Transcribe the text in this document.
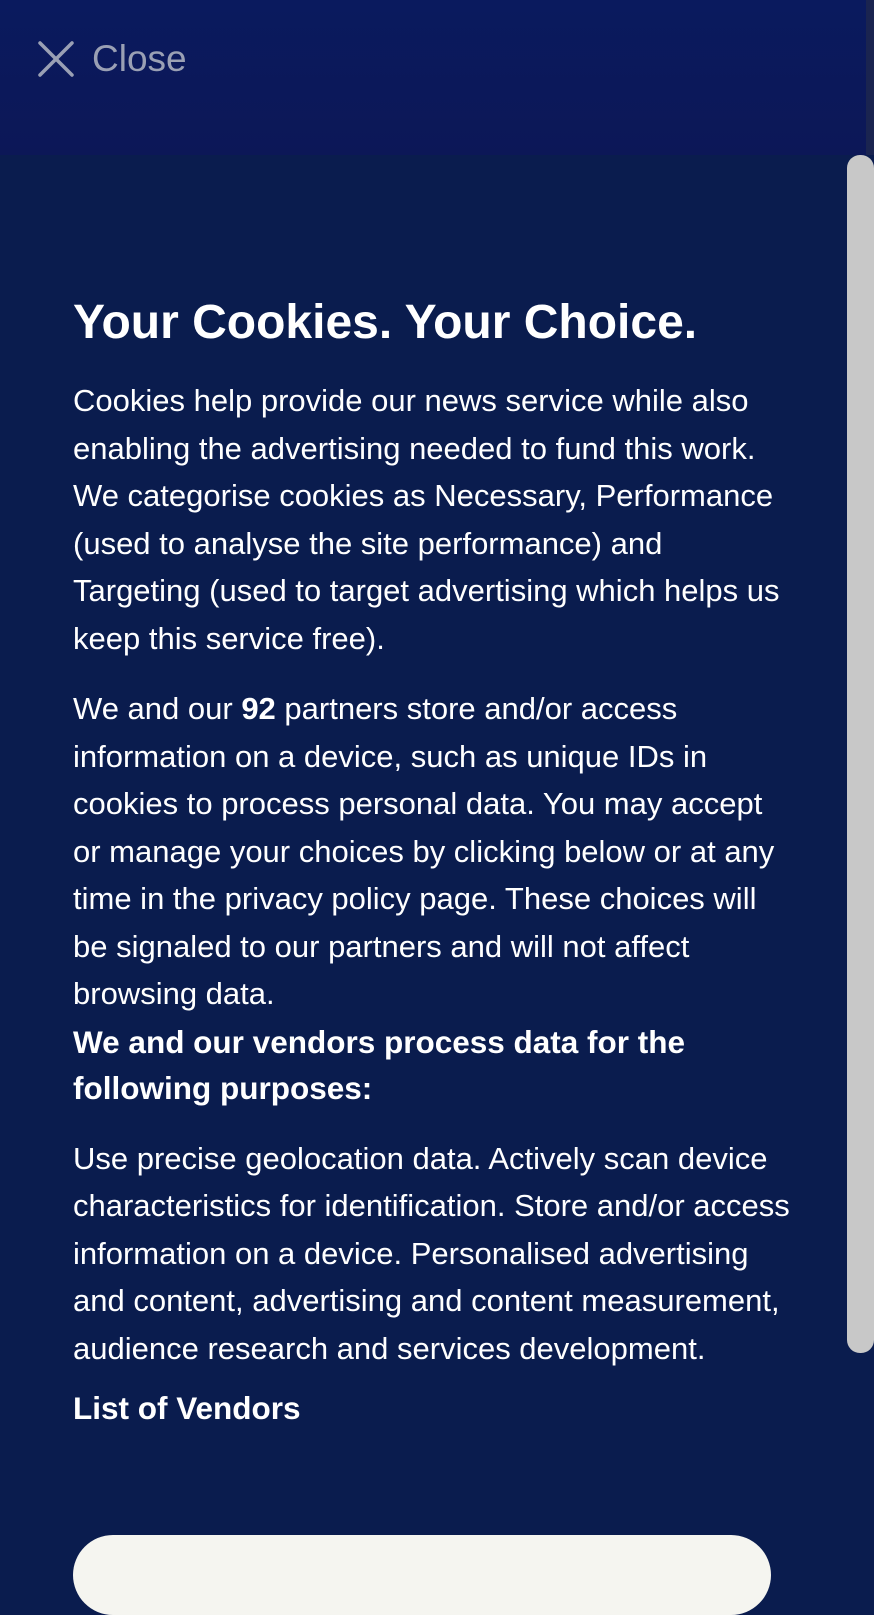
Close
Your Cookies. Your Choice.

Cookies help provide our news service while also enabling the advertising needed to fund this work. We categorise cookies as Necessary, Performance (used to analyse the site performance) and Targeting (used to target advertising which helps us keep this service free).

We and our 92 partners store and/or access information on a device, such as unique IDs in cookies to process personal data. You may accept or manage your choices by clicking below or at any time in the privacy policy page. These choices will be signaled to our partners and will not affect browsing data.

We and our vendors process data for the following purposes:

Use precise geolocation data. Actively scan device characteristics for identification. Store and/or access information on a device. Personalised advertising and content, advertising and content measurement, audience research and services development.

List of Vendors
